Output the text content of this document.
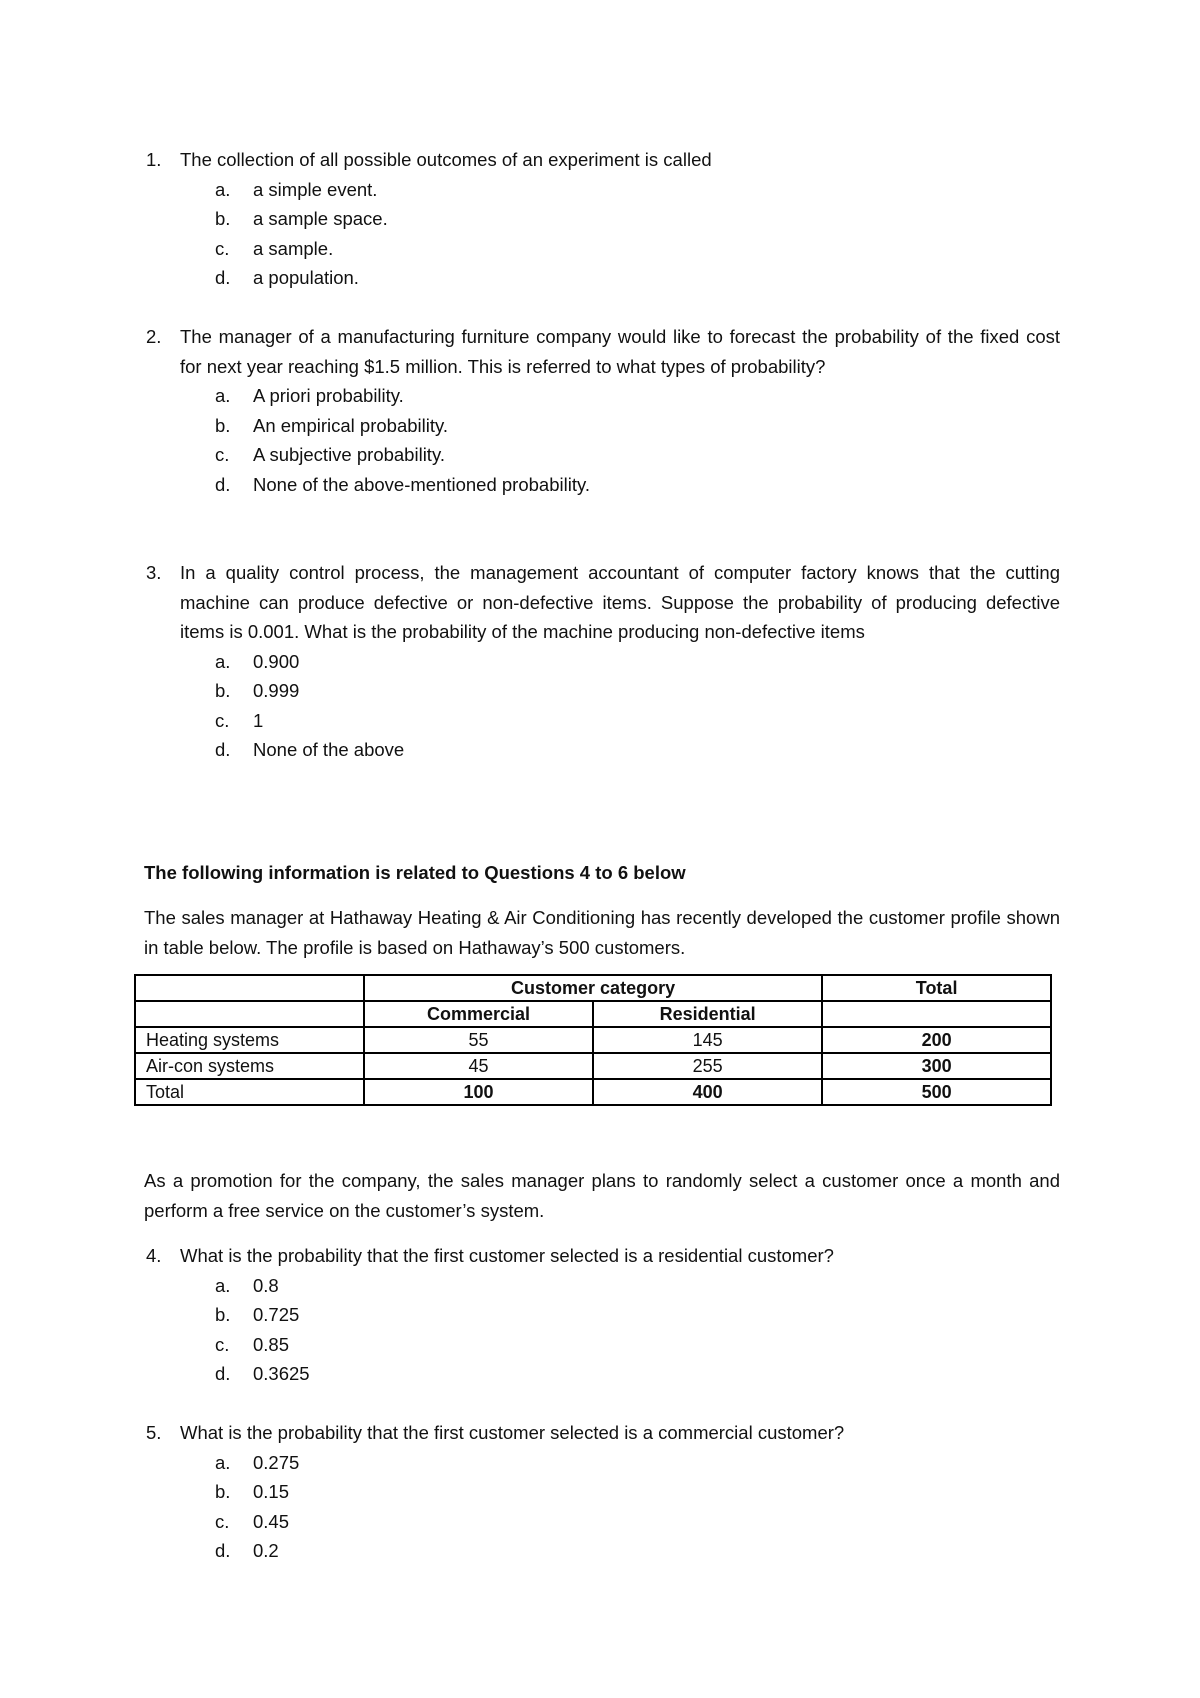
1. The collection of all possible outcomes of an experiment is called
a. a simple event.
b. a sample space.
c. a sample.
d. a population.
2. The manager of a manufacturing furniture company would like to forecast the probability of the fixed cost for next year reaching $1.5 million. This is referred to what types of probability?
a. A priori probability.
b. An empirical probability.
c. A subjective probability.
d. None of the above-mentioned probability.
3. In a quality control process, the management accountant of computer factory knows that the cutting machine can produce defective or non-defective items. Suppose the probability of producing defective items is 0.001. What is the probability of the machine producing non-defective items
a. 0.900
b. 0.999
c. 1
d. None of the above
The following information is related to Questions 4 to 6 below
The sales manager at Hathaway Heating & Air Conditioning has recently developed the customer profile shown in table below. The profile is based on Hathaway’s 500 customers.
	Customer category		Total
	Commercial	Residential	
Heating systems	55	145	200
Air-con systems	45	255	300
Total	100	400	500
As a promotion for the company, the sales manager plans to randomly select a customer once a month and perform a free service on the customer’s system.
4. What is the probability that the first customer selected is a residential customer?
a. 0.8
b. 0.725
c. 0.85
d. 0.3625
5. What is the probability that the first customer selected is a commercial customer?
a. 0.275
b. 0.15
c. 0.45
d. 0.2
